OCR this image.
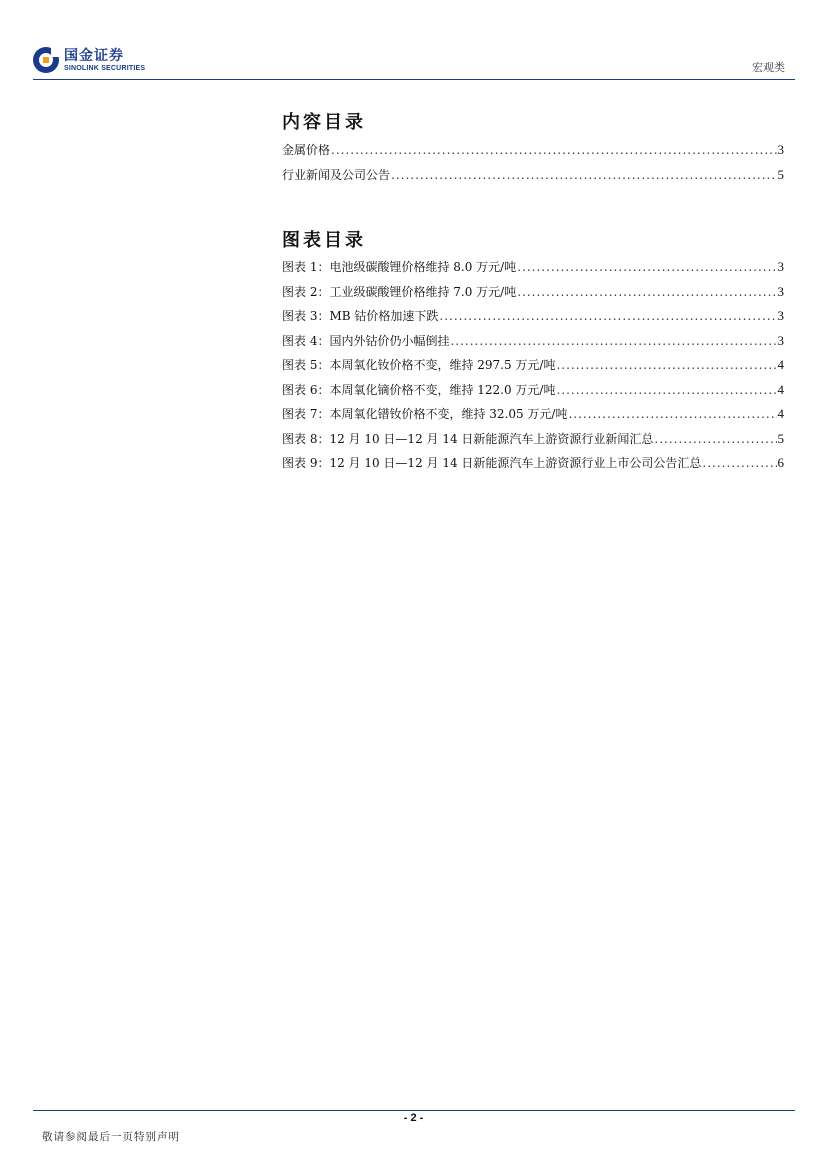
国金证券
SINOLINK SECURITIES	宏观类
内容目录
金属价格 .....	3
行业新闻及公司公告 .....	5
图表目录
图表 1：电池级碳酸锂价格维持 8.0 万元/吨 .....	3
图表 2：工业级碳酸锂价格维持 7.0 万元/吨 .....	3
图表 3：MB 钴价格加速下跌 .....	3
图表 4：国内外钴价仍小幅倒挂 .....	3
图表 5：本周氧化钕价格不变，维持 297.5 万元/吨 .....	4
图表 6：本周氧化镝价格不变，维持 122.0 万元/吨 .....	4
图表 7：本周氧化镨钕价格不变，维持 32.05 万元/吨 .....	4
图表 8：12 月 10 日—12 月 14 日新能源汽车上游资源行业新闻汇总 .....	5
图表 9：12 月 10 日—12 月 14 日新能源汽车上游资源行业上市公司公告汇总 .....	6
- 2 -
敬请参阅最后一页特别声明
